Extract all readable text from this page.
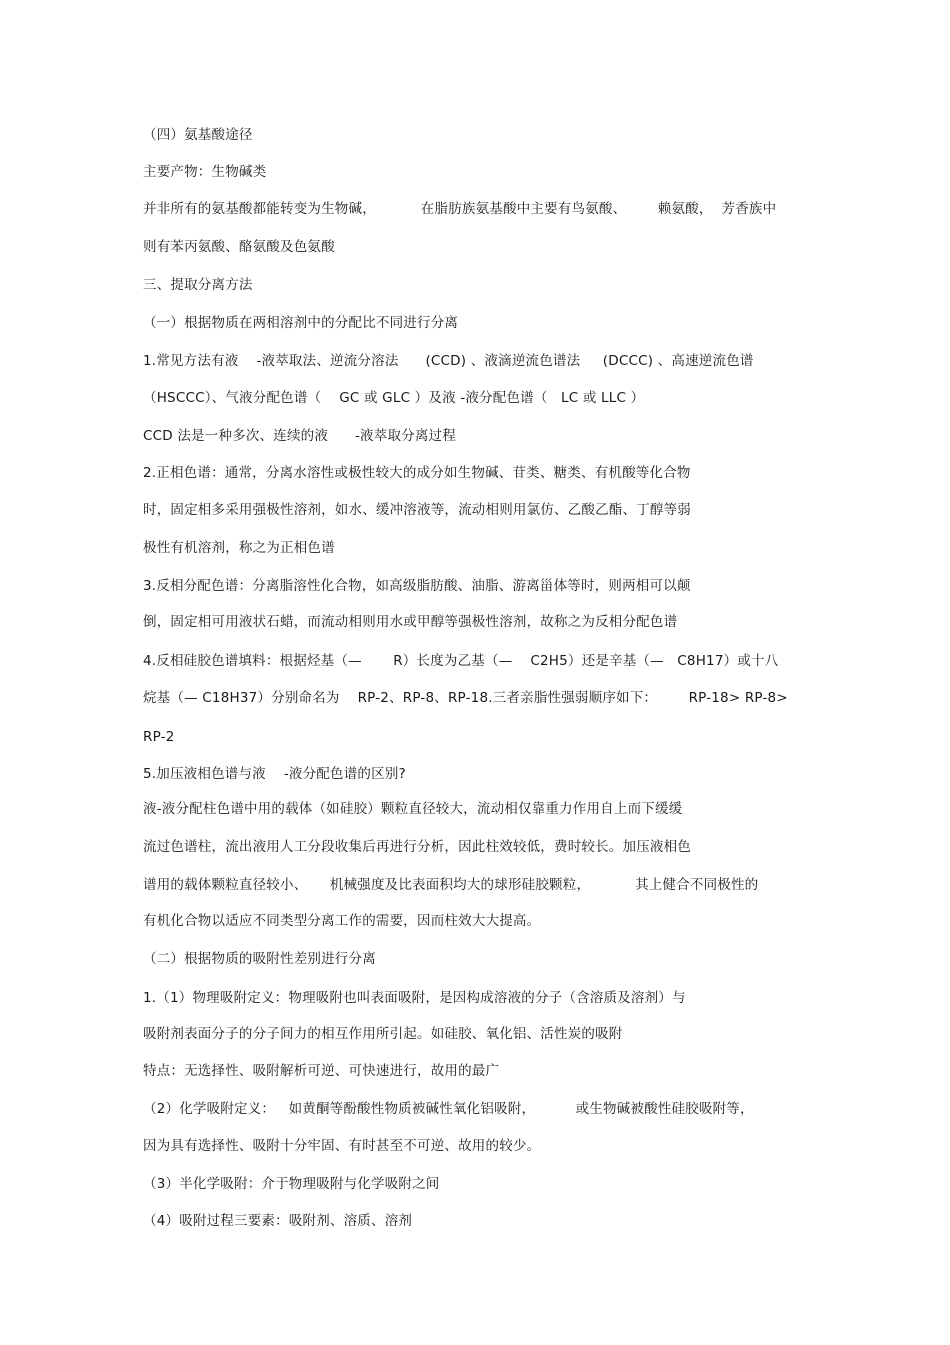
（四）氨基酸途径
主要产物：生物碱类
并非所有的氨基酸都能转变为生物碱，          在脂肪族氨基酸中主要有鸟氨酸、       赖氨酸，  芳香族中
则有苯丙氨酸、酪氨酸及色氨酸
三、提取分离方法
（一）根据物质在两相溶剂中的分配比不同进行分离
1.常见方法有液    -液萃取法、逆流分溶法      (CCD) 、液滴逆流色谱法     (DCCC) 、高速逆流色谱
（HSCCC）、气液分配色谱（    GC 或 GLC ）及液 -液分配色谱（   LC 或 LLC ）
CCD 法是一种多次、连续的液      -液萃取分离过程
2.正相色谱：通常，分离水溶性或极性较大的成分如生物碱、苷类、糖类、有机酸等化合物
时，固定相多采用强极性溶剂，如水、缓冲溶液等，流动相则用氯仿、乙酸乙酯、丁醇等弱
极性有机溶剂，称之为正相色谱
3.反相分配色谱：分离脂溶性化合物，如高级脂肪酸、油脂、游离甾体等时，则两相可以颠
倒，固定相可用液状石蜡，而流动相则用水或甲醇等强极性溶剂，故称之为反相分配色谱
4.反相硅胶色谱填料：根据烃基（—       R）长度为乙基（—    C2H5）还是辛基（—   C8H17）或十八
烷基（— C18H37）分别命名为    RP-2、RP-8、RP-18.三者亲脂性强弱顺序如下：       RP-18> RP-8>
RP-2
5.加压液相色谱与液    -液分配色谱的区别?
液-液分配柱色谱中用的载体（如硅胶）颗粒直径较大，流动相仅靠重力作用自上而下缓缓
流过色谱柱，流出液用人工分段收集后再进行分析，因此柱效较低，费时较长。加压液相色
谱用的载体颗粒直径较小、     机械强度及比表面积均大的球形硅胶颗粒，          其上健合不同极性的
有机化合物以适应不同类型分离工作的需要，因而柱效大大提高。
（二）根据物质的吸附性差别进行分离
1.（1）物理吸附定义：物理吸附也叫表面吸附，是因构成溶液的分子（含溶质及溶剂）与
吸附剂表面分子的分子间力的相互作用所引起。如硅胶、氧化铝、活性炭的吸附
特点：无选择性、吸附解析可逆、可快速进行，故用的最广
（2）化学吸附定义：   如黄酮等酚酸性物质被碱性氧化铝吸附，         或生物碱被酸性硅胶吸附等，
因为具有选择性、吸附十分牢固、有时甚至不可逆、故用的较少。
（3）半化学吸附：介于物理吸附与化学吸附之间
（4）吸附过程三要素：吸附剂、溶质、溶剂
